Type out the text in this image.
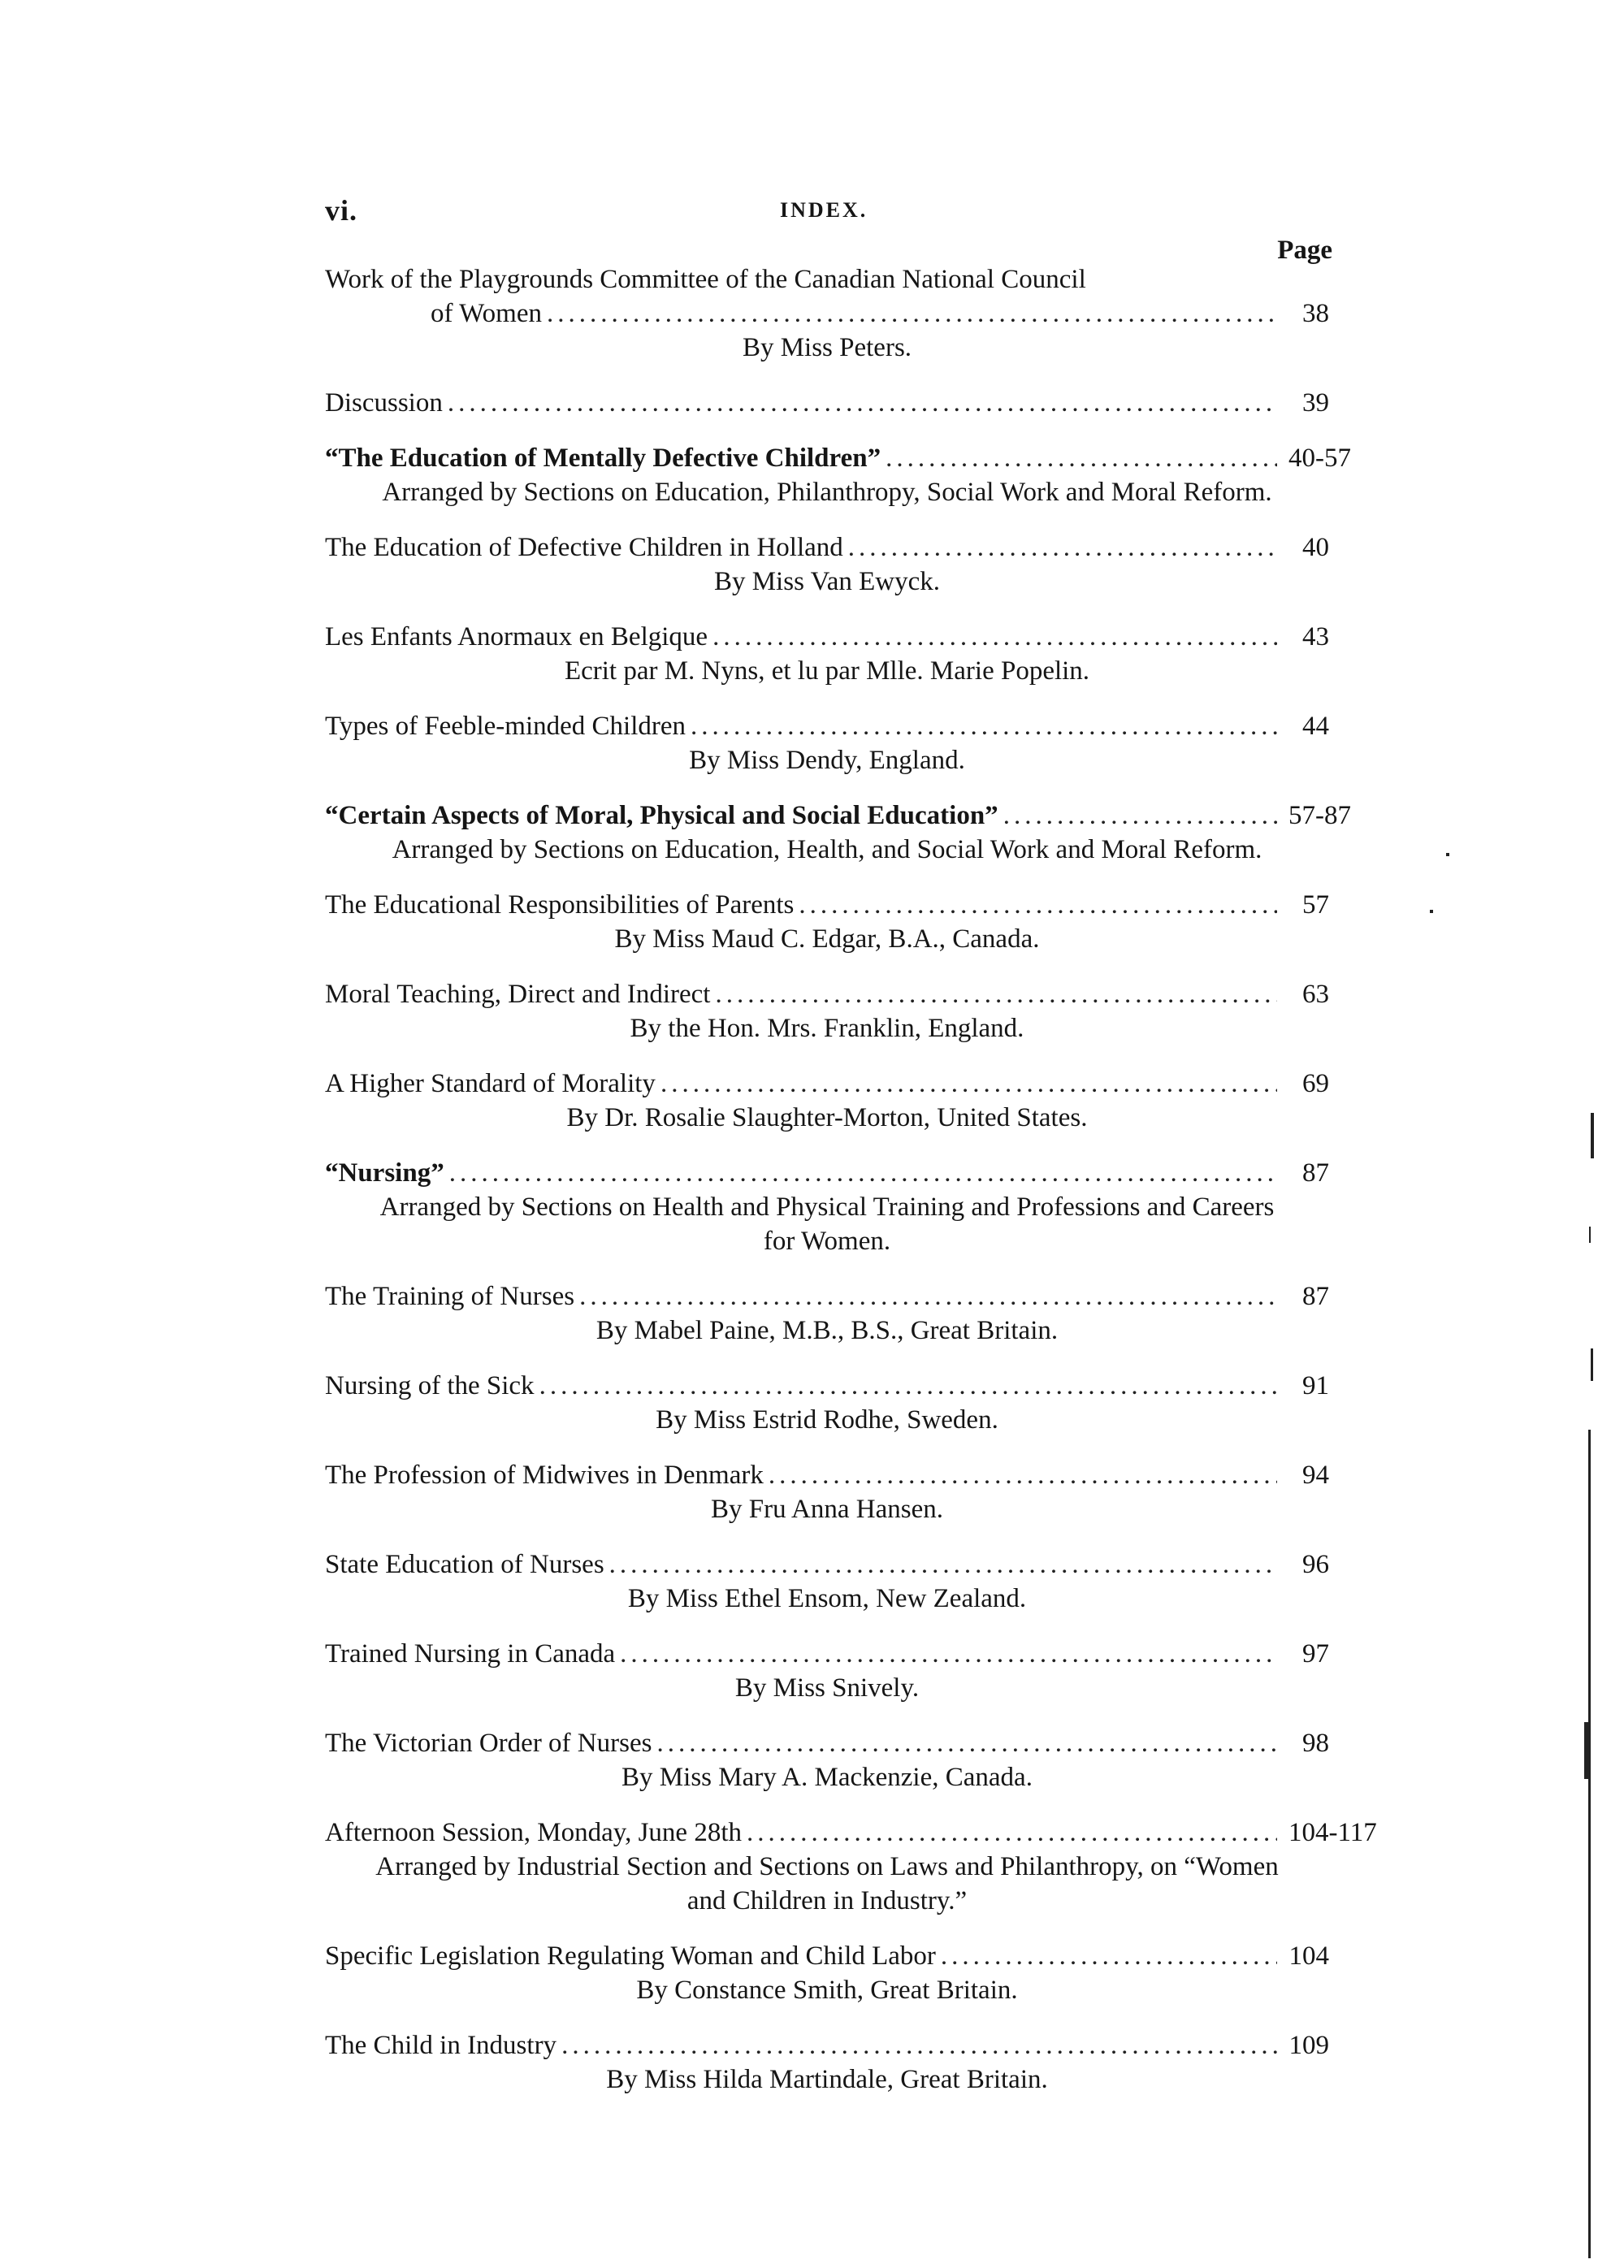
vi.	INDEX.
Page
Work of the Playgrounds Committee of the Canadian National Council
of Women .....	38
By Miss Peters.
Discussion .....	39
“The Education of Mentally Defective Children” .....	40-57
Arranged by Sections on Education, Philanthropy, Social Work and Moral Reform.
The Education of Defective Children in Holland .....	40
By Miss Van Ewyck.
Les Enfants Anormaux en Belgique .....	43
Ecrit par M. Nyns, et lu par Mlle. Marie Popelin.
Types of Feeble-minded Children .....	44
By Miss Dendy, England.
“Certain Aspects of Moral, Physical and Social Education” .....	57-87
Arranged by Sections on Education, Health, and Social Work and Moral Reform.
The Educational Responsibilities of Parents .....	57
By Miss Maud C. Edgar, B.A., Canada.
Moral Teaching, Direct and Indirect .....	63
By the Hon. Mrs. Franklin, England.
A Higher Standard of Morality .....	69
By Dr. Rosalie Slaughter-Morton, United States.
“Nursing” .....	87
Arranged by Sections on Health and Physical Training and Professions and Careers for Women.
The Training of Nurses .....	87
By Mabel Paine, M.B., B.S., Great Britain.
Nursing of the Sick .....	91
By Miss Estrid Rodhe, Sweden.
The Profession of Midwives in Denmark .....	94
By Fru Anna Hansen.
State Education of Nurses .....	96
By Miss Ethel Ensom, New Zealand.
Trained Nursing in Canada .....	97
By Miss Snively.
The Victorian Order of Nurses .....	98
By Miss Mary A. Mackenzie, Canada.
Afternoon Session, Monday, June 28th .....	104-117
Arranged by Industrial Section and Sections on Laws and Philanthropy, on “Women and Children in Industry.”
Specific Legislation Regulating Woman and Child Labor .....	104
By Constance Smith, Great Britain.
The Child in Industry .....	109
By Miss Hilda Martindale, Great Britain.
